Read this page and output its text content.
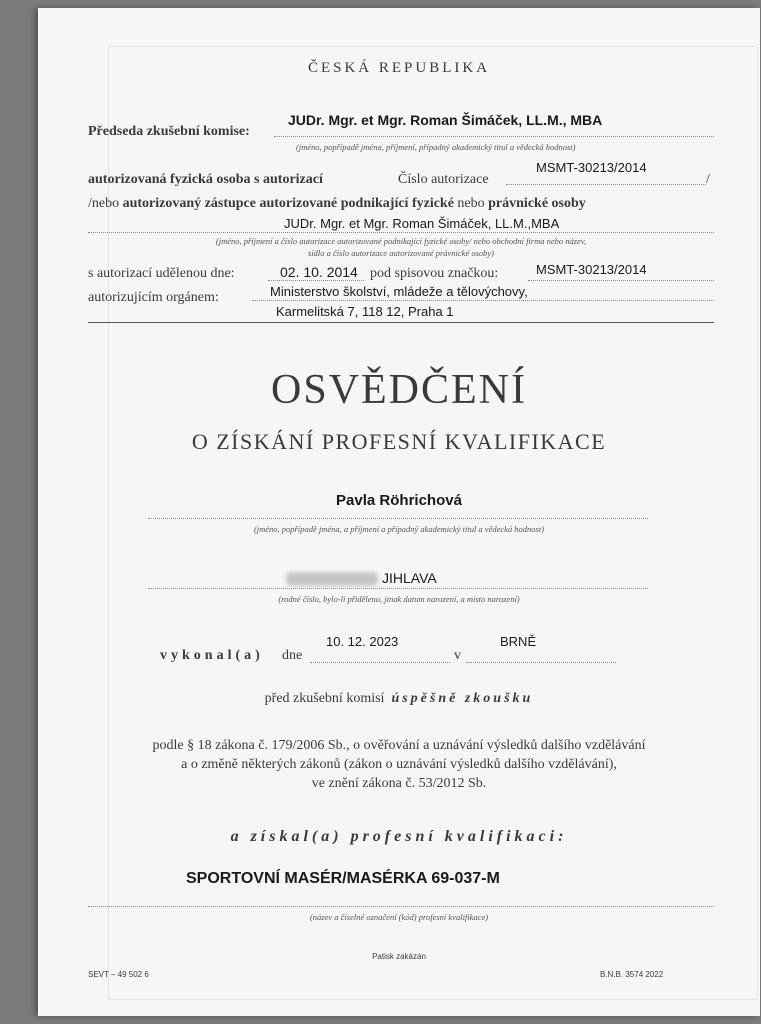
ČESKÁ REPUBLIKA
Předseda zkušební komise:
JUDr. Mgr. et Mgr. Roman Šimáček, LL.M., MBA
(jméno, popřípadě jména, příjmení, případný akademický titul a vědecká hodnost)
autorizovaná fyzická osoba s autorizací	Číslo autorizace
MSMT-30213/2014
/
/nebo autorizovaný zástupce autorizované podnikající fyzické nebo právnické osoby
JUDr. Mgr. et Mgr. Roman Šimáček, LL.M.,MBA
(jméno, příjmení a číslo autorizace autorizované podnikající fyzické osoby/ nebo obchodní firma nebo název,
sídlo a číslo autorizace autorizované právnické osoby)
s autorizací udělenou dne:	02. 10. 2014 pod spisovou značkou:	MSMT-30213/2014
autorizujícím orgánem:	Ministerstvo školství, mládeže a tělovýchovy,
Karmelitská 7, 118 12, Praha 1
OSVĚDČENÍ
O ZÍSKÁNÍ PROFESNÍ KVALIFIKACE
Pavla Röhrichová
(jméno, popřípadě jména, a příjmení a případný akademický titul a vědecká hodnost)
JIHLAVA
(rodné číslo, bylo-li přiděleno, jinak datum narození, a místo narození)
vykonal(a) dne
10. 12. 2023
v
BRNĚ
před zkušební komisí úspěšně zkoušku
podle § 18 zákona č. 179/2006 Sb., o ověřování a uznávání výsledků dalšího vzdělávání
a o změně některých zákonů (zákon o uznávání výsledků dalšího vzdělávání),
ve znění zákona č. 53/2012 Sb.
a získal(a) profesní kvalifikaci:
SPORTOVNÍ MASÉR/MASÉRKA 69-037-M
(název a číselné označení (kód) profesní kvalifikace)
Patisk zakázán
SEVT – 49 502 6	B.N.B. 3574 2022
